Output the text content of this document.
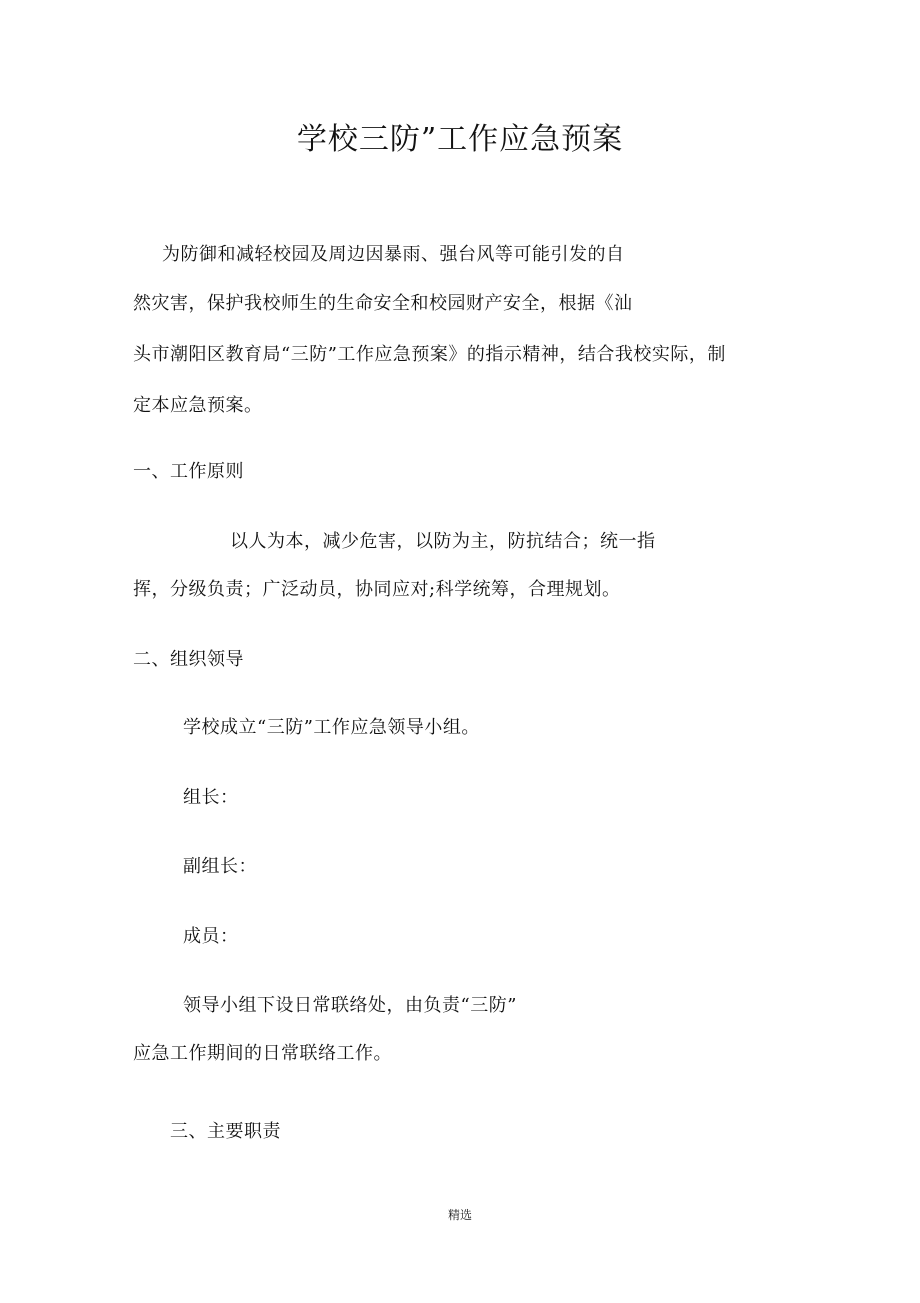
学校三防”工作应急预案
为防御和减轻校园及周边因暴雨、强台风等可能引发的自
然灾害，保护我校师生的生命安全和校园财产安全，根据《汕
头市潮阳区教育局“三防”工作应急预案》的指示精神，结合我校实际，制
定本应急预案。
一、工作原则
以人为本，减少危害，以防为主，防抗结合；统一指
挥，分级负责；广泛动员，协同应对;科学统筹，合理规划。
二、组织领导
学校成立“三防”工作应急领导小组。
组长：
副组长：
成员：
领导小组下设日常联络处，由负责“三防”
应急工作期间的日常联络工作。
三、主要职责
精选
